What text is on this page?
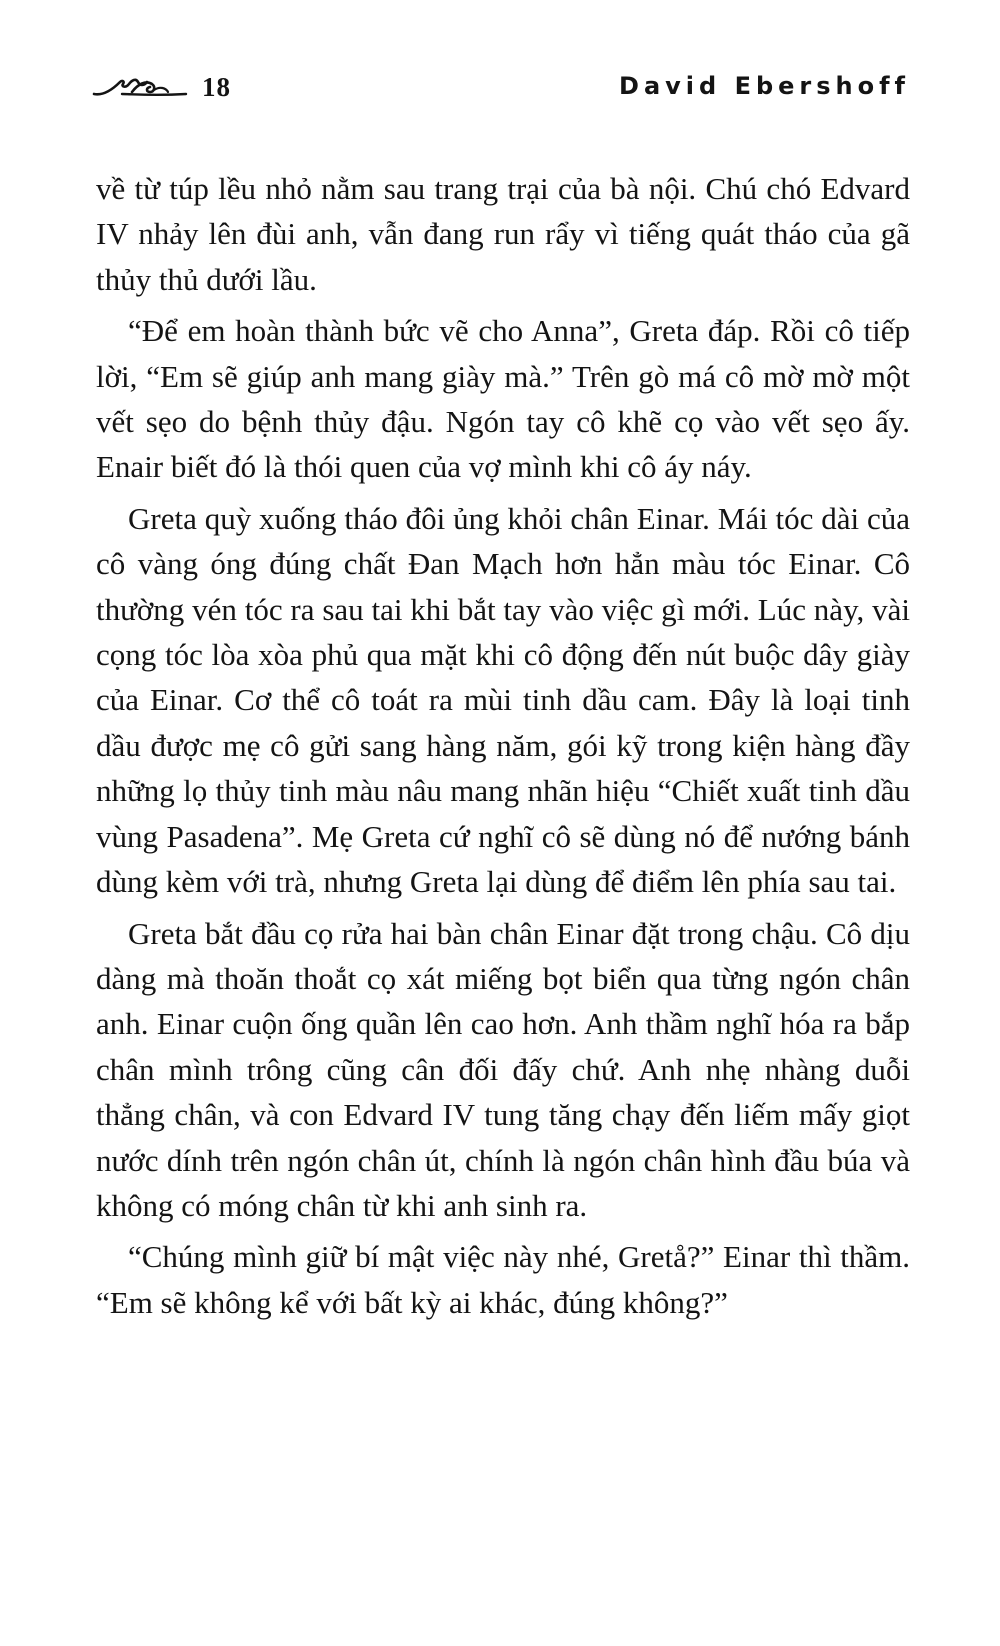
18	David Ebershoff

về từ túp lều nhỏ nằm sau trang trại của bà nội. Chú chó Edvard IV nhảy lên đùi anh, vẫn đang run rẩy vì tiếng quát tháo của gã thủy thủ dưới lầu.

“Để em hoàn thành bức vẽ cho Anna”, Greta đáp. Rồi cô tiếp lời, “Em sẽ giúp anh mang giày mà.” Trên gò má cô mờ mờ một vết sẹo do bệnh thủy đậu. Ngón tay cô khẽ cọ vào vết sẹo ấy. Enair biết đó là thói quen của vợ mình khi cô áy náy.

Greta quỳ xuống tháo đôi ủng khỏi chân Einar. Mái tóc dài của cô vàng óng đúng chất Đan Mạch hơn hẳn màu tóc Einar. Cô thường vén tóc ra sau tai khi bắt tay vào việc gì mới. Lúc này, vài cọng tóc lòa xòa phủ qua mặt khi cô động đến nút buộc dây giày của Einar. Cơ thể cô toát ra mùi tinh dầu cam. Đây là loại tinh dầu được mẹ cô gửi sang hàng năm, gói kỹ trong kiện hàng đầy những lọ thủy tinh màu nâu mang nhãn hiệu “Chiết xuất tinh dầu vùng Pasadena”. Mẹ Greta cứ nghĩ cô sẽ dùng nó để nướng bánh dùng kèm với trà, nhưng Greta lại dùng để điểm lên phía sau tai.

Greta bắt đầu cọ rửa hai bàn chân Einar đặt trong chậu. Cô dịu dàng mà thoăn thoắt cọ xát miếng bọt biển qua từng ngón chân anh. Einar cuộn ống quần lên cao hơn. Anh thầm nghĩ hóa ra bắp chân mình trông cũng cân đối đấy chứ. Anh nhẹ nhàng duỗi thẳng chân, và con Edvard IV tung tăng chạy đến liếm mấy giọt nước dính trên ngón chân út, chính là ngón chân hình đầu búa và không có móng chân từ khi anh sinh ra.

“Chúng mình giữ bí mật việc này nhé, Gretå?” Einar thì thầm. “Em sẽ không kể với bất kỳ ai khác, đúng không?”
